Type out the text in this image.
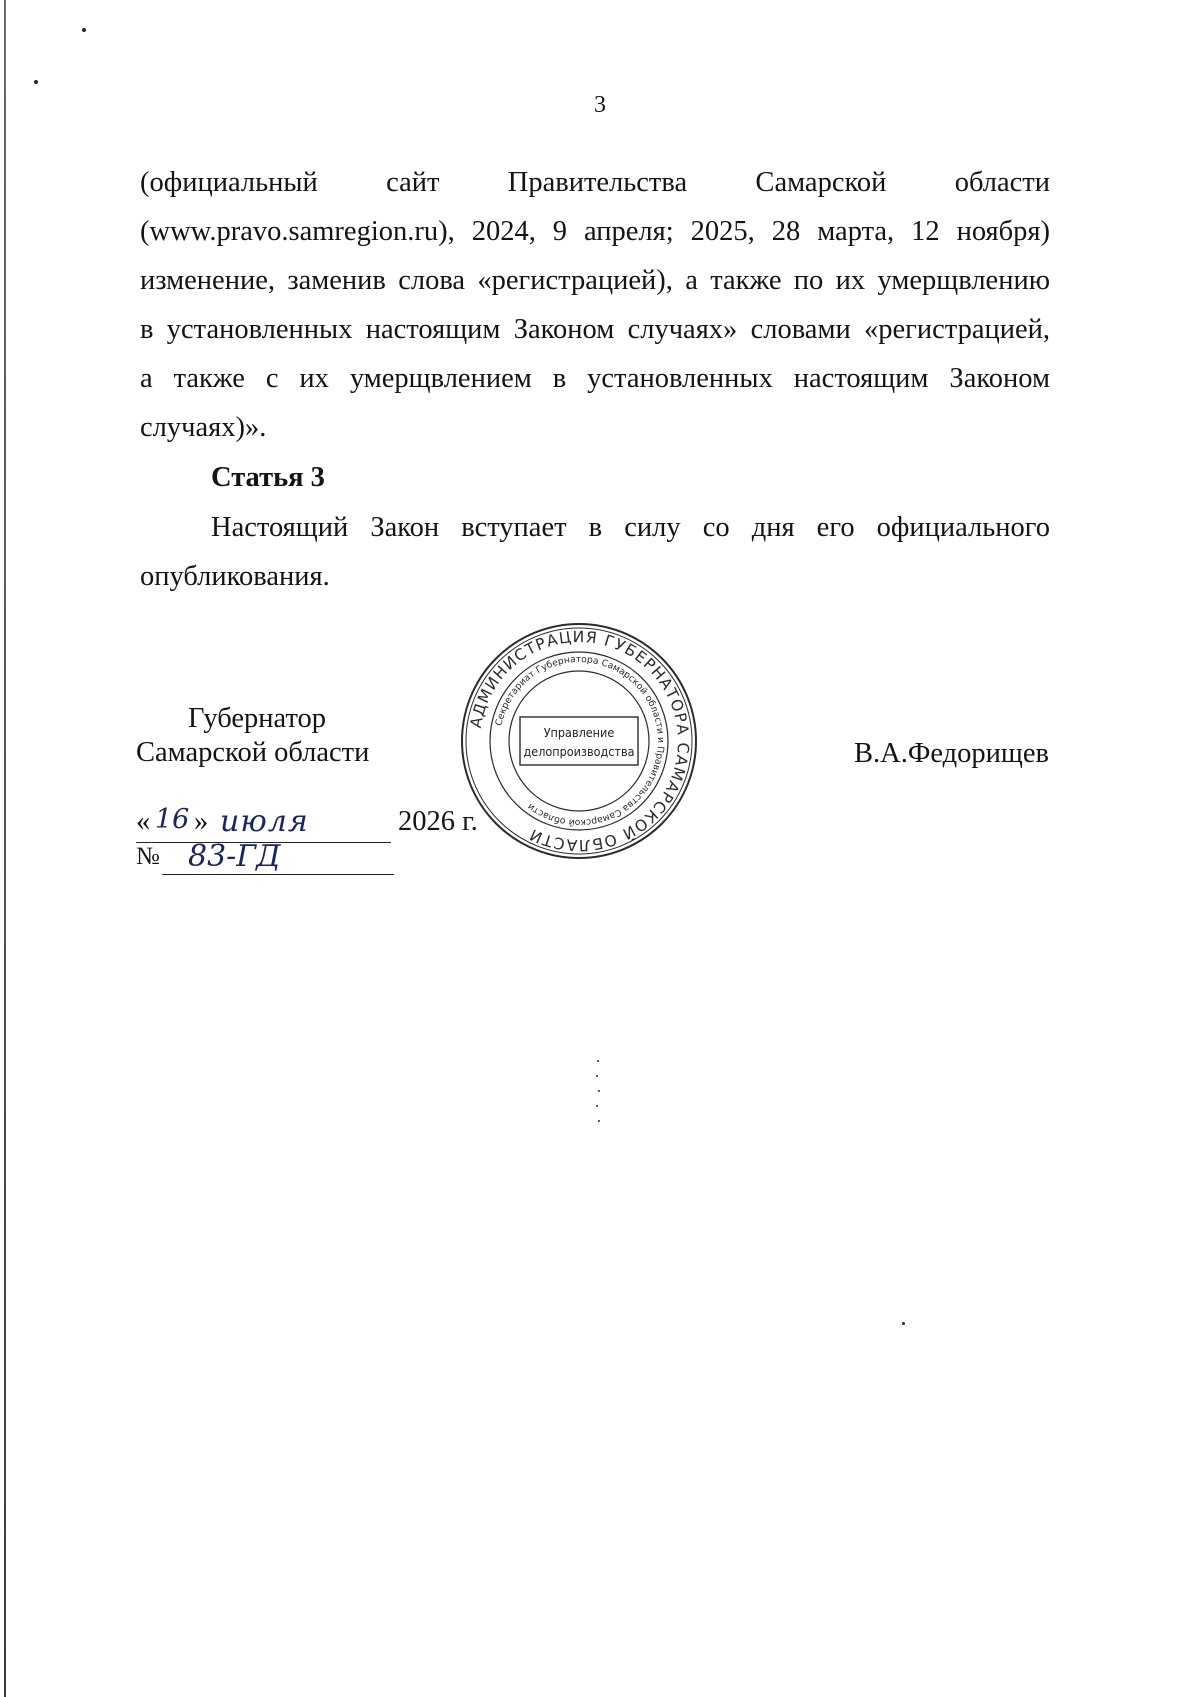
3
(официальный сайт Правительства Самарской области
(www.pravo.samregion.ru), 2024, 9 апреля; 2025, 28 марта, 12 ноября)
изменение, заменив слова «регистрацией), а также по их умерщвлению
в установленных настоящим Законом случаях» словами «регистрацией,
а также с их умерщвлением в установленных настоящим Законом
случаях)».
Статья 3
Настоящий Закон вступает в силу со дня его официального
опубликования.
Губернатор
Самарской области	В.А.Федорищев
« 16 » июля	2026 г.
№ 83-ГД
АДМИНИСТРАЦИЯ ГУБЕРНАТОРА САМАРСКОЙ ОБЛАСТИ
Секретариат Губернатора Самарской области и Правительства Самарской области
Управление
делопроизводства
